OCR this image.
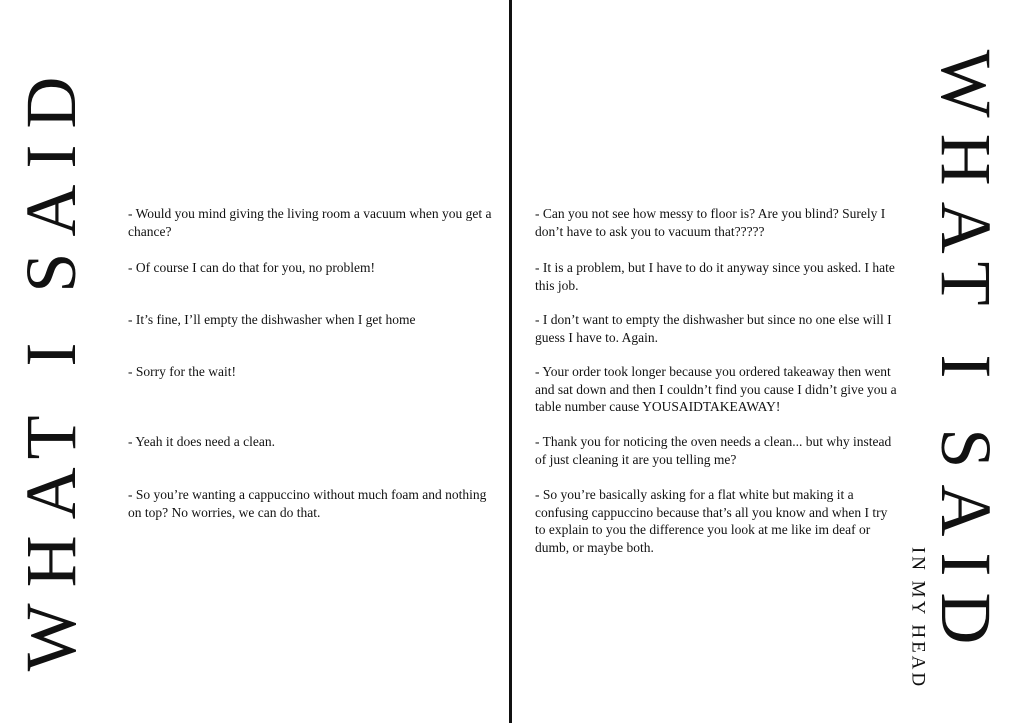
WHAT I SAID	- Would you mind giving the living room a vacuum when you get a chance?

- Of course I can do that for you, no problem!

- It’s fine, I’ll empty the dishwasher when I get home

- Sorry for the wait!

- Yeah it does need a clean.

- So you’re wanting a cappuccino without much foam and nothing on top? No worries, we can do that.

- Can you not see how messy to floor is? Are you blind? Surely I don’t have to ask you to vacuum that?????

- It is a problem, but I have to do it anyway since you asked. I hate this job.

- I don’t want to empty the dishwasher but since no one else will I guess I have to. Again.

- Your order took longer because you ordered takeaway then went and sat down and then I couldn’t find you cause I didn’t give you a table number cause YOUSAIDTAKEAWAY!

- Thank you for noticing the oven needs a clean... but why instead of just cleaning it are you telling me?

- So you’re basically asking for a flat white but making it a confusing cappuccino because that’s all you know and when I try to explain to you the difference you look at me like im deaf or dumb, or maybe both.	WHAT I SAID
IN MY HEAD
